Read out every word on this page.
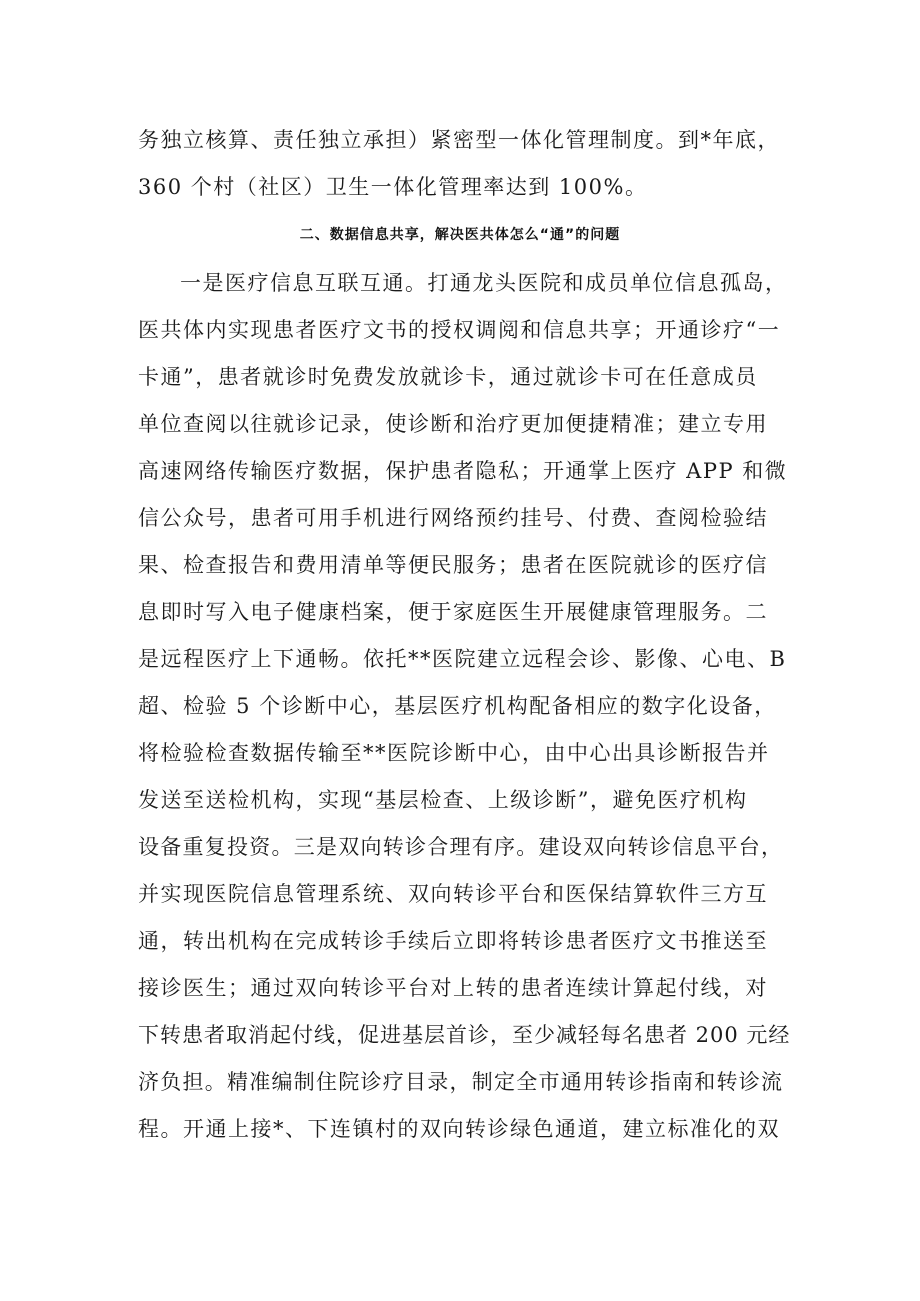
务独立核算、责任独立承担）紧密型一体化管理制度。到*年底，
360 个村（社区）卫生一体化管理率达到 100%。
二、数据信息共享，解决医共体怎么“通”的问题
一是医疗信息互联互通。打通龙头医院和成员单位信息孤岛，
医共体内实现患者医疗文书的授权调阅和信息共享；开通诊疗“一
卡通”，患者就诊时免费发放就诊卡，通过就诊卡可在任意成员
单位查阅以往就诊记录，使诊断和治疗更加便捷精准；建立专用
高速网络传输医疗数据，保护患者隐私；开通掌上医疗 APP 和微
信公众号，患者可用手机进行网络预约挂号、付费、查阅检验结
果、检查报告和费用清单等便民服务；患者在医院就诊的医疗信
息即时写入电子健康档案，便于家庭医生开展健康管理服务。二
是远程医疗上下通畅。依托**医院建立远程会诊、影像、心电、B
超、检验 5 个诊断中心，基层医疗机构配备相应的数字化设备，
将检验检查数据传输至**医院诊断中心，由中心出具诊断报告并
发送至送检机构，实现“基层检查、上级诊断”，避免医疗机构
设备重复投资。三是双向转诊合理有序。建设双向转诊信息平台，
并实现医院信息管理系统、双向转诊平台和医保结算软件三方互
通，转出机构在完成转诊手续后立即将转诊患者医疗文书推送至
接诊医生；通过双向转诊平台对上转的患者连续计算起付线，对
下转患者取消起付线，促进基层首诊，至少减轻每名患者 200 元经
济负担。精准编制住院诊疗目录，制定全市通用转诊指南和转诊流
程。开通上接*、下连镇村的双向转诊绿色通道，建立标准化的双
